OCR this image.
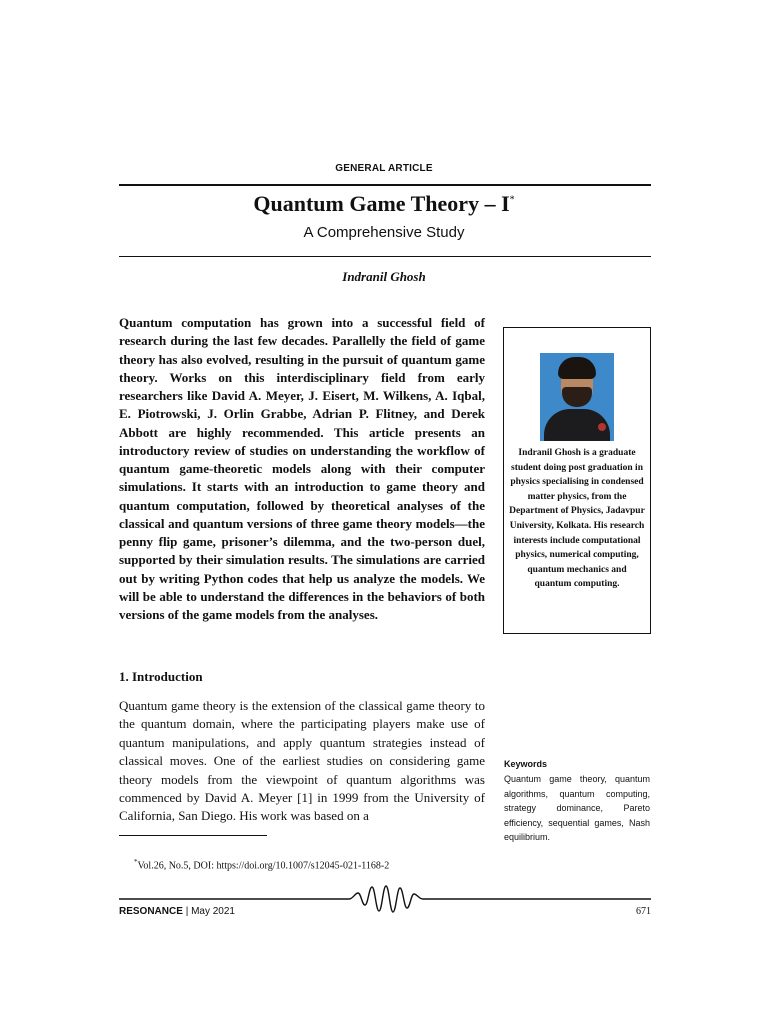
GENERAL ARTICLE
Quantum Game Theory – I*
A Comprehensive Study
Indranil Ghosh
Quantum computation has grown into a successful field of research during the last few decades. Parallelly the field of game theory has also evolved, resulting in the pursuit of quantum game theory. Works on this interdisciplinary field from early researchers like David A. Meyer, J. Eisert, M. Wilkens, A. Iqbal, E. Piotrowski, J. Orlin Grabbe, Adrian P. Flitney, and Derek Abbott are highly recommended. This article presents an introductory review of studies on understanding the workflow of quantum game-theoretic models along with their computer simulations. It starts with an introduction to game theory and quantum computation, followed by theoretical analyses of the classical and quantum versions of three game theory models—the penny flip game, prisoner’s dilemma, and the two-person duel, supported by their simulation results. The simulations are carried out by writing Python codes that help us analyze the models. We will be able to understand the differences in the behaviors of both versions of the game models from the analyses.
Indranil Ghosh is a graduate student doing post graduation in physics specialising in condensed matter physics, from the Department of Physics, Jadavpur University, Kolkata. His research interests include computational physics, numerical computing, quantum mechanics and quantum computing.
1. Introduction
Quantum game theory is the extension of the classical game theory to the quantum domain, where the participating players make use of quantum manipulations, and apply quantum strategies instead of classical moves. One of the earliest studies on considering game theory models from the viewpoint of quantum algorithms was commenced by David A. Meyer [1] in 1999 from the University of California, San Diego. His work was based on a
Keywords
Quantum game theory, quantum algorithms, quantum computing, strategy dominance, Pareto efficiency, sequential games, Nash equilibrium.
*Vol.26, No.5, DOI: https://doi.org/10.1007/s12045-021-1168-2
RESONANCE | May 2021	671
